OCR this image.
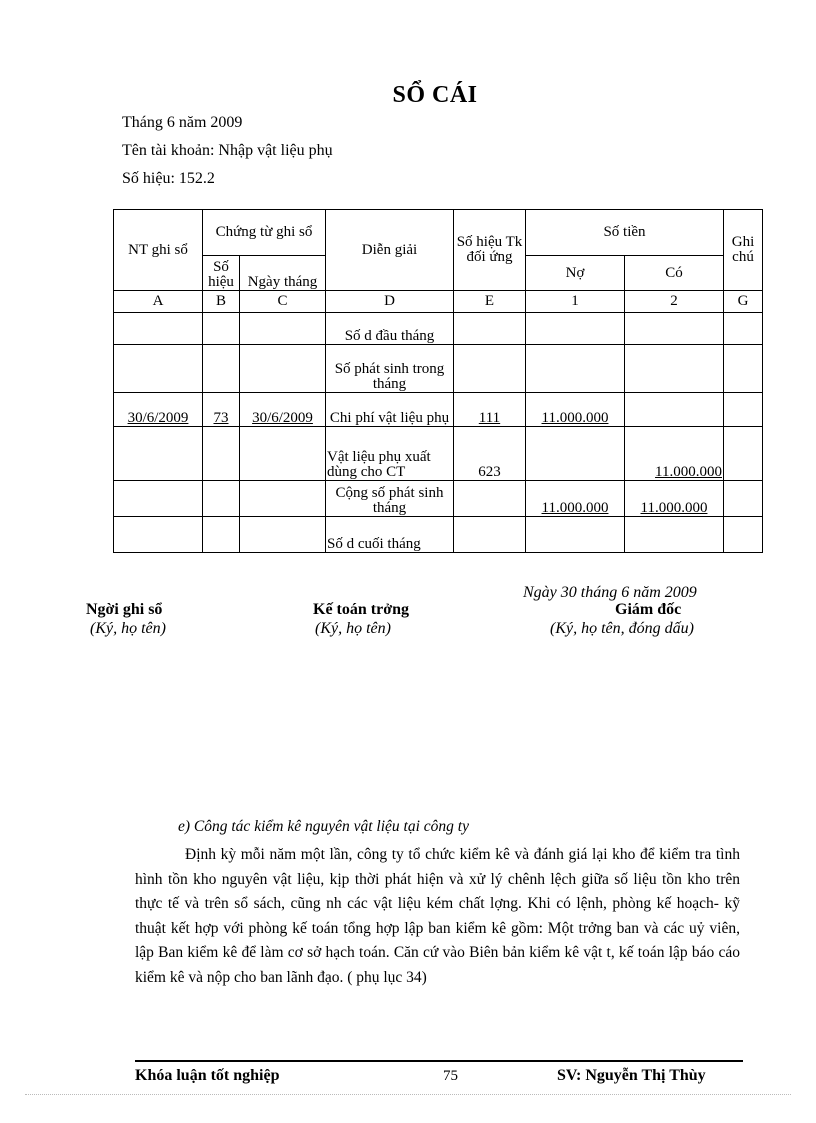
SỔ CÁI
Tháng 6 năm 2009
Tên tài khoản: Nhập vật liệu phụ
Số hiệu: 152.2
NT ghi sổ	Chứng từ ghi sổ		Diễn giải	Số hiệu Tk đối ứng	Số tiền		Ghi chú
	Số hiệu	Ngày tháng			Nợ	Có	
A	B	C	D	E	1	2	G
			Số d đầu tháng				
			Số phát sinh trong tháng				
30/6/2009	73	30/6/2009	Chi phí vật liệu phụ	111	11.000.000		
			Vật liệu phụ xuất dùng cho CT	623		11.000.000	
			Cộng số phát sinh tháng		11.000.000	11.000.000	
			Số d cuối tháng				
Ngày 30 tháng 6 năm 2009
Ngời ghi sổ
(Ký, họ tên)
Kế toán trởng
(Ký, họ tên)
Giám đốc
(Ký, họ tên, đóng dấu)
e) Công tác kiểm kê nguyên vật liệu tại công ty
Định kỳ mỗi năm một lần, công ty tổ chức kiểm kê và đánh giá lại kho để kiểm tra tình hình tồn kho nguyên vật liệu, kịp thời phát hiện và xử lý chênh lệch giữa số liệu tồn kho trên thực tế và trên sổ sách, cũng nh các vật liệu kém chất lợng. Khi có lệnh, phòng kế hoạch- kỹ thuật kết hợp với phòng kế toán tổng hợp lập ban kiểm kê gồm: Một trởng ban và các uỷ viên, lập Ban kiểm kê để làm cơ sở hạch toán. Căn cứ vào Biên bản kiểm kê vật t, kế toán lập báo cáo kiểm kê và nộp cho ban lãnh đạo. ( phụ lục 34)
Khóa luận tốt nghiệp	75	SV: Nguyễn Thị Thùy
